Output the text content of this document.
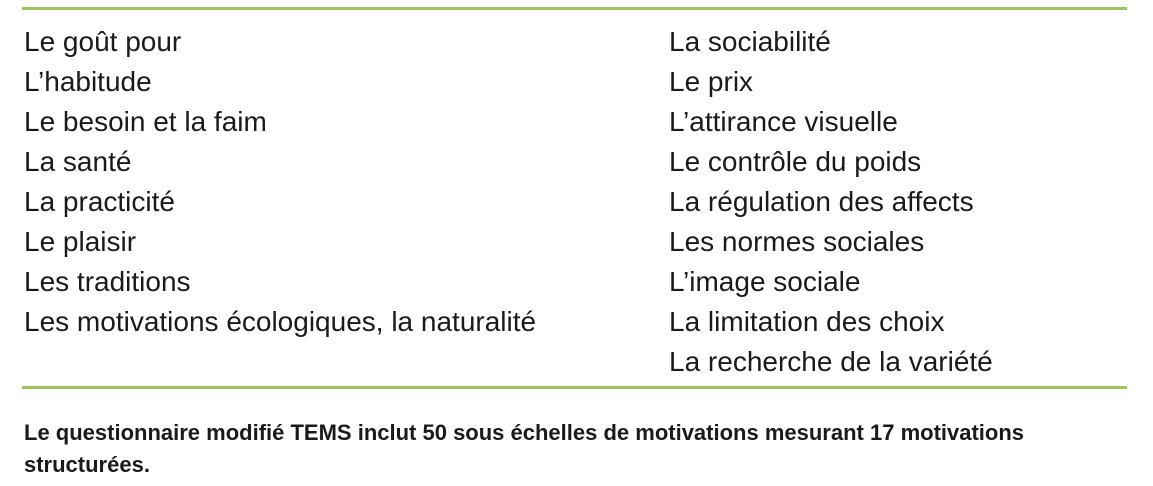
Le goût pour
L’habitude
Le besoin et la faim
La santé
La practicité
Le plaisir
Les traditions
Les motivations écologiques, la naturalité
La sociabilité
Le prix
L’attirance visuelle
Le contrôle du poids
La régulation des affects
Les normes sociales
L’image sociale
La limitation des choix
La recherche de la variété

Le questionnaire modifié TEMS inclut 50 sous échelles de motivations mesurant 17 motivations structurées.
